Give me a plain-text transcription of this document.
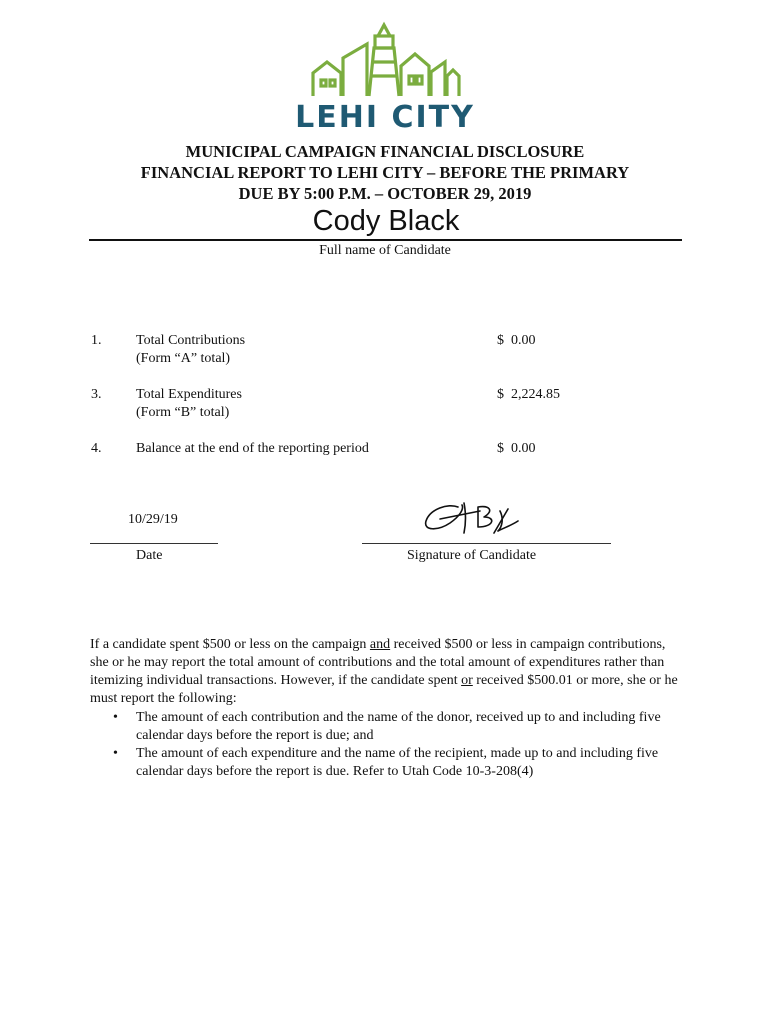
LEHI CITY
MUNICIPAL CAMPAIGN FINANCIAL DISCLOSURE
FINANCIAL REPORT TO LEHI CITY – BEFORE THE PRIMARY
DUE BY 5:00 P.M. – OCTOBER 29, 2019
Cody Black
Full name of Candidate
1. Total Contributions
(Form “A” total)
$  0.00
3. Total Expenditures
(Form “B” total)
$  2,224.85
4. Balance at the end of the reporting period	$  0.00
10/29/19
Date	Signature of Candidate
If a candidate spent $500 or less on the campaign and received $500 or less in campaign contributions, she or he may report the total amount of contributions and the total amount of expenditures rather than itemizing individual transactions. However, if the candidate spent or received $500.01 or more, she or he must report the following:
• The amount of each contribution and the name of the donor, received up to and including five calendar days before the report is due; and
• The amount of each expenditure and the name of the recipient, made up to and including five calendar days before the report is due. Refer to Utah Code 10-3-208(4)
